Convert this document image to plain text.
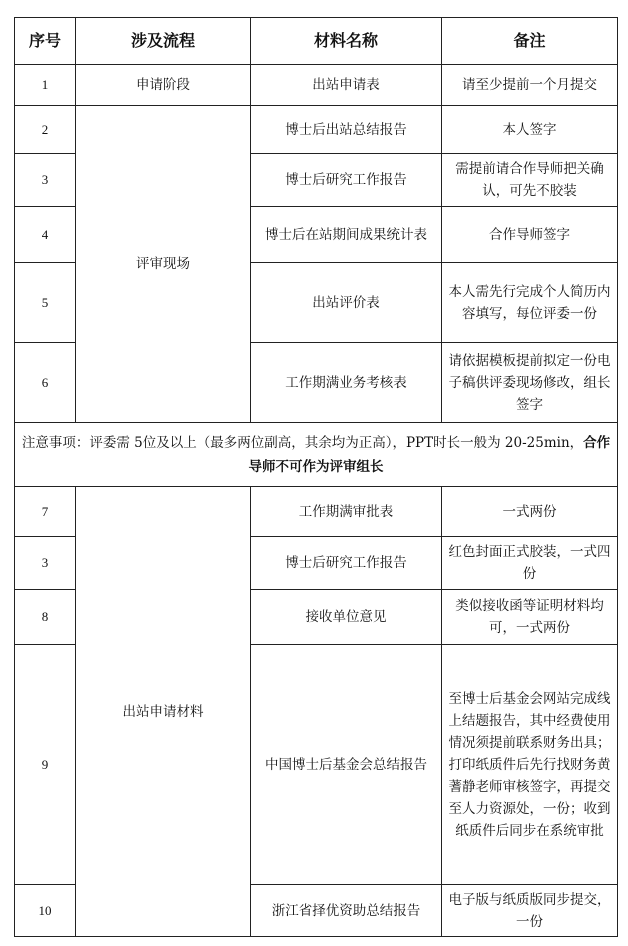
序号	涉及流程	材料名称	备注
1	申请阶段	出站申请表	请至少提前一个月提交
2	评审现场	博士后出站总结报告	本人签字
3		博士后研究工作报告	需提前请合作导师把关确认，可先不胶装
4		博士后在站期间成果统计表	合作导师签字
5		出站评价表	本人需先行完成个人简历内容填写，每位评委一份
6		工作期满业务考核表	请依据模板提前拟定一份电子稿供评委现场修改，组长签字
注意事项：评委需 5位及以上（最多两位副高，其余均为正高），PPT时长一般为 20-25min，合作导师不可作为评审组长			
7	出站申请材料	工作期满审批表	一式两份
3		博士后研究工作报告	红色封面正式胶装，一式四份
8		接收单位意见	类似接收函等证明材料均可，一式两份
9		中国博士后基金会总结报告	至博士后基金会网站完成线上结题报告，其中经费使用情况须提前联系财务出具；打印纸质件后先行找财务黄蓍静老师审核签字，再提交至人力资源处，一份；收到纸质件后同步在系统审批
10		浙江省择优资助总结报告	电子版与纸质版同步提交，一份
